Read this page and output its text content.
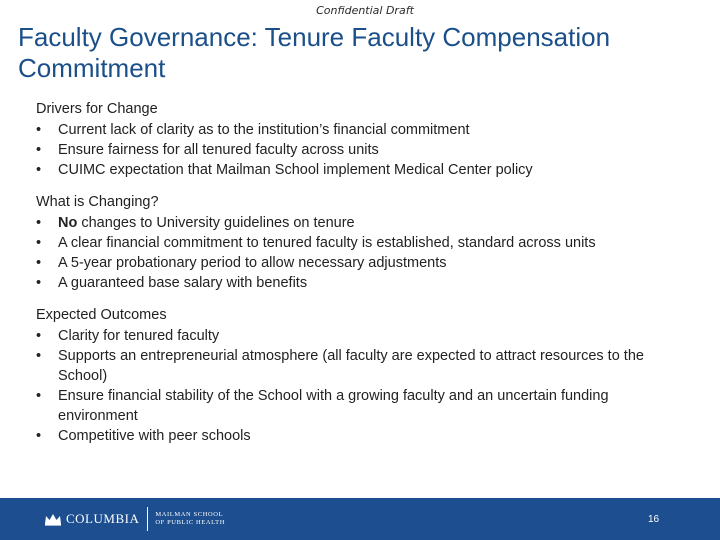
Confidential Draft
Faculty Governance: Tenure Faculty Compensation Commitment
Drivers for Change
•	Current lack of clarity as to the institution’s financial commitment
•	Ensure fairness for all tenured faculty across units
•	CUIMC expectation that Mailman School implement Medical Center policy
What is Changing?
•	No changes to University guidelines on tenure
•	A clear financial commitment to tenured faculty is established, standard across units
•	A 5-year probationary period to allow necessary adjustments
•	A guaranteed base salary with benefits
Expected Outcomes
•	Clarity for tenured faculty
•	Supports an entrepreneurial atmosphere (all faculty are expected to attract resources to the School)
•	Ensure financial stability of the School with a growing faculty and an uncertain funding environment
•	Competitive with peer schools
COLUMBIA MAILMAN SCHOOL
OF PUBLIC HEALTH	16
